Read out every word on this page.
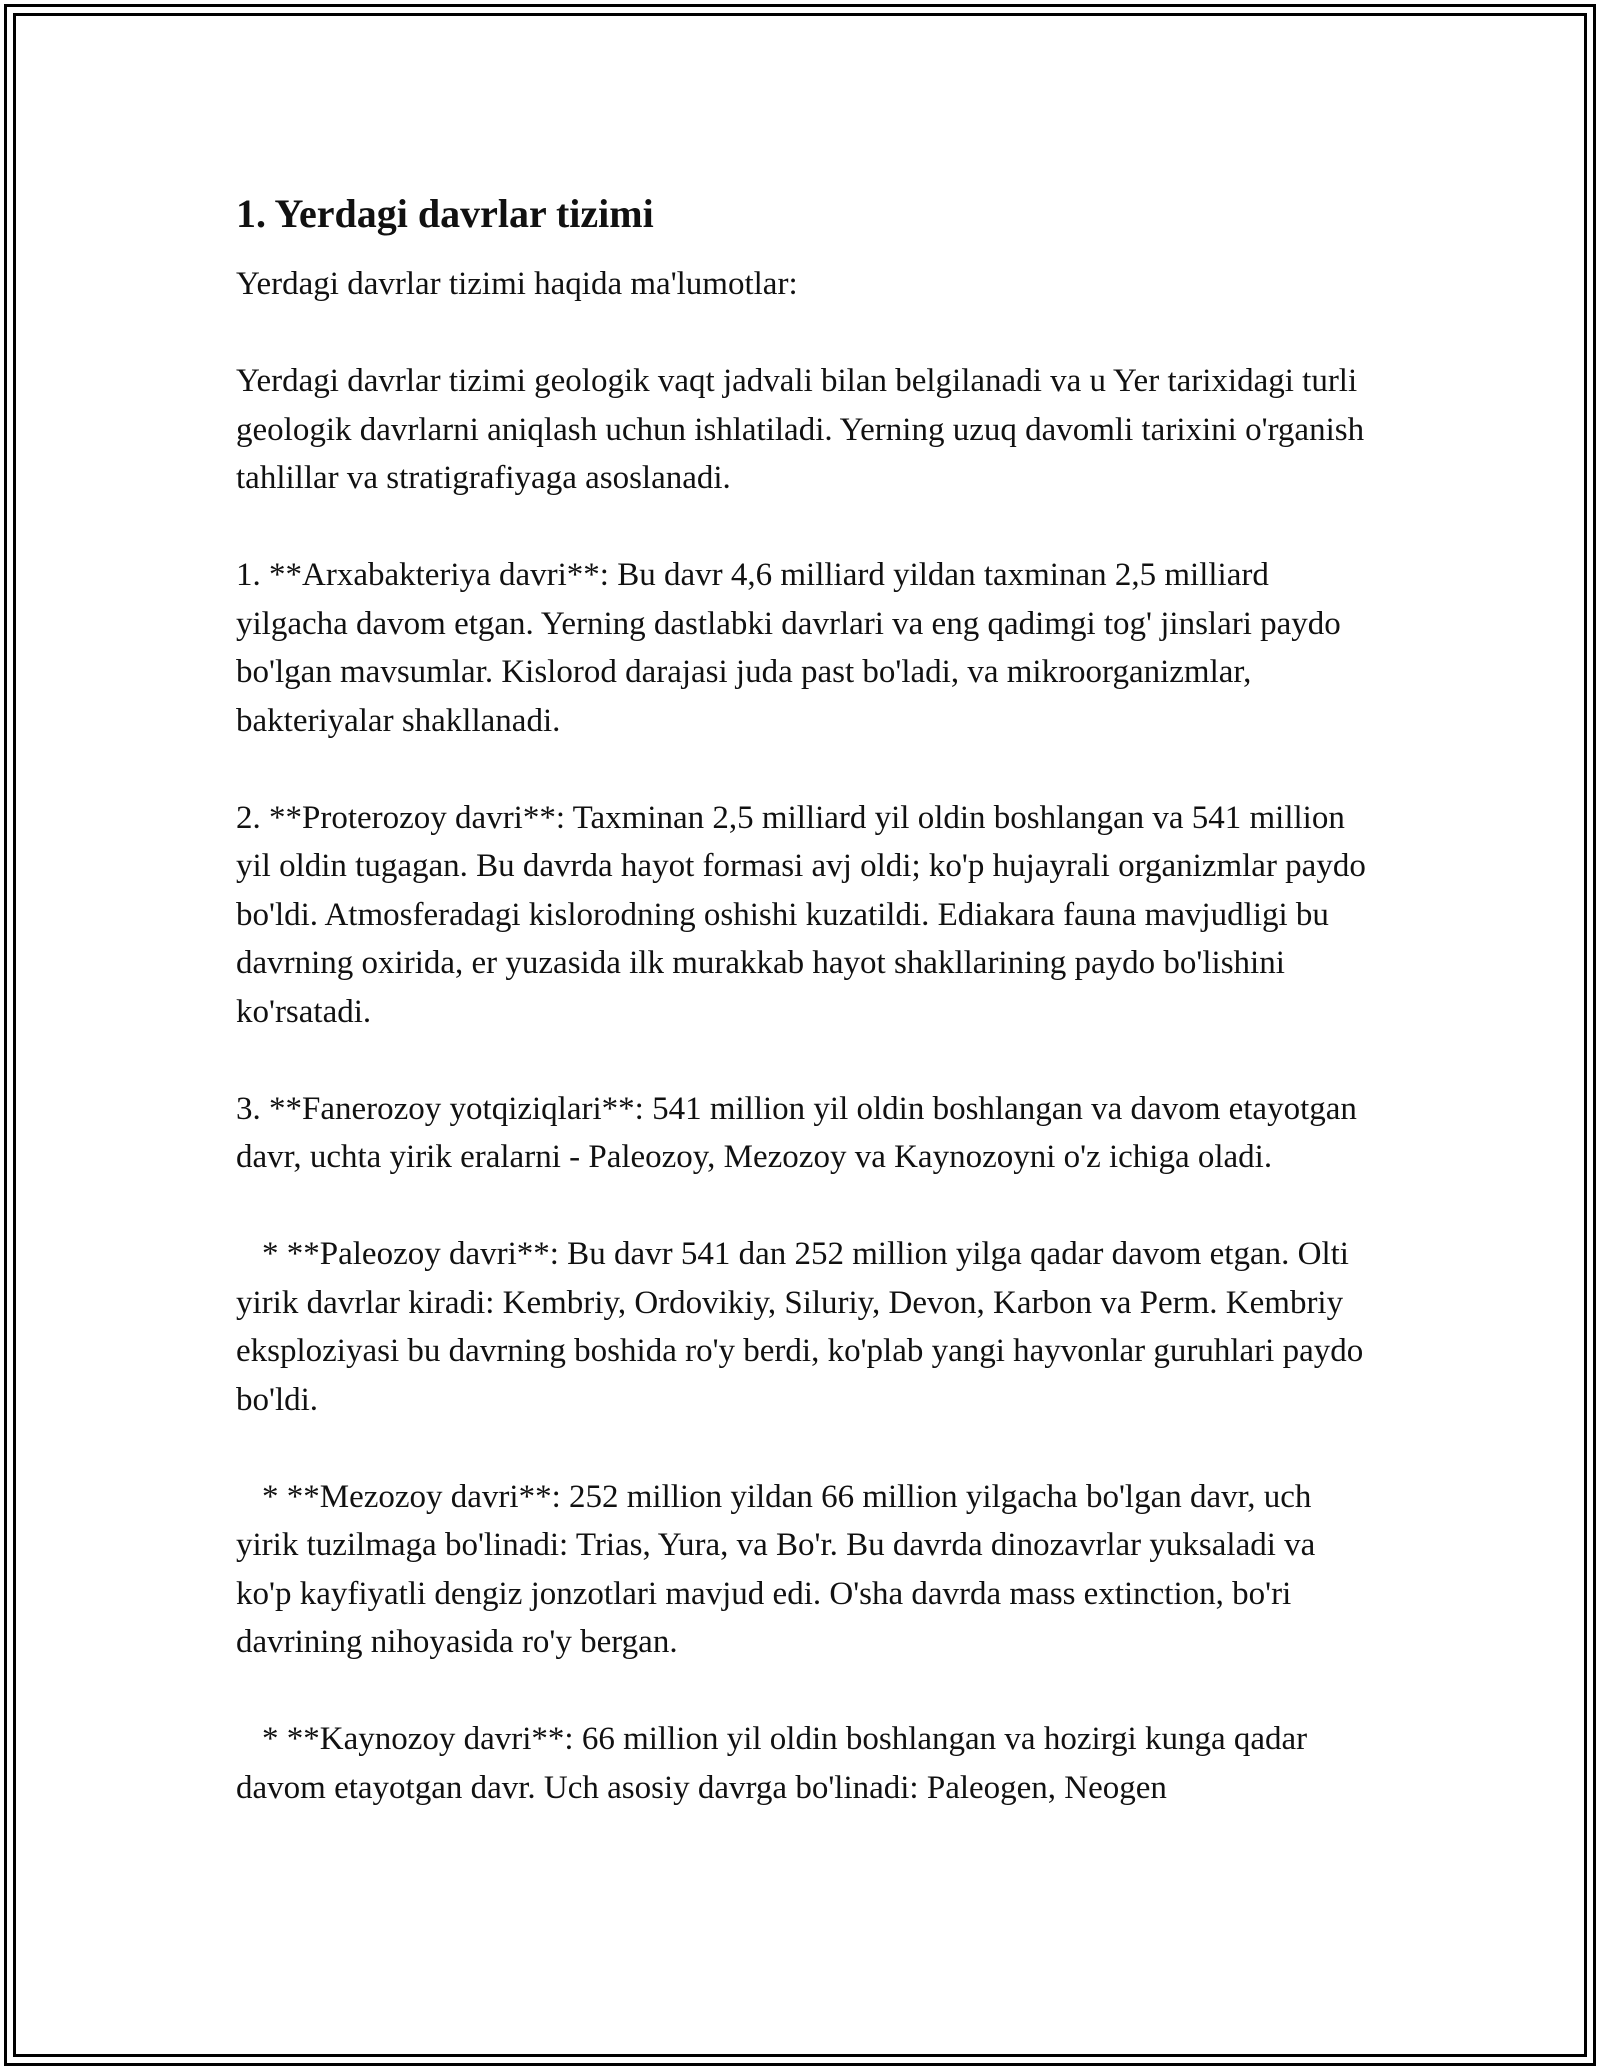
1. Yerdagi davrlar tizimi

Yerdagi davrlar tizimi haqida ma'lumotlar:

Yerdagi davrlar tizimi geologik vaqt jadvali bilan belgilanadi va u Yer tarixidagi turli geologik davrlarni aniqlash uchun ishlatiladi. Yerning uzuq davomli tarixini o'rganish tahlillar va stratigrafiyaga asoslanadi.

1. **Arxabakteriya davri**: Bu davr 4,6 milliard yildan taxminan 2,5 milliard yilgacha davom etgan. Yerning dastlabki davrlari va eng qadimgi tog' jinslari paydo bo'lgan mavsumlar. Kislorod darajasi juda past bo'ladi, va mikroorganizmlar, bakteriyalar shakllanadi.

2. **Proterozoy davri**: Taxminan 2,5 milliard yil oldin boshlangan va 541 million yil oldin tugagan. Bu davrda hayot formasi avj oldi; ko'p hujayrali organizmlar paydo bo'ldi. Atmosferadagi kislorodning oshishi kuzatildi. Ediakara fauna mavjudligi bu davrning oxirida, er yuzasida ilk murakkab hayot shakllarining paydo bo'lishini ko'rsatadi.

3. **Fanerozoy yotqiziqlari**: 541 million yil oldin boshlangan va davom etayotgan davr, uchta yirik eralarni - Paleozoy, Mezozoy va Kaynozoyni o'z ichiga oladi.

* **Paleozoy davri**: Bu davr 541 dan 252 million yilga qadar davom etgan. Olti yirik davrlar kiradi: Kembriy, Ordovikiy, Siluriy, Devon, Karbon va Perm. Kembriy eksploziyasi bu davrning boshida ro'y berdi, ko'plab yangi hayvonlar guruhlari paydo bo'ldi.

* **Mezozoy davri**: 252 million yildan 66 million yilgacha bo'lgan davr, uch yirik tuzilmaga bo'linadi: Trias, Yura, va Bo'r. Bu davrda dinozavrlar yuksaladi va ko'p kayfiyatli dengiz jonzotlari mavjud edi. O'sha davrda mass extinction, bo'ri davrining nihoyasida ro'y bergan.

* **Kaynozoy davri**: 66 million yil oldin boshlangan va hozirgi kunga qadar davom etayotgan davr. Uch asosiy davrga bo'linadi: Paleogen, Neogen
